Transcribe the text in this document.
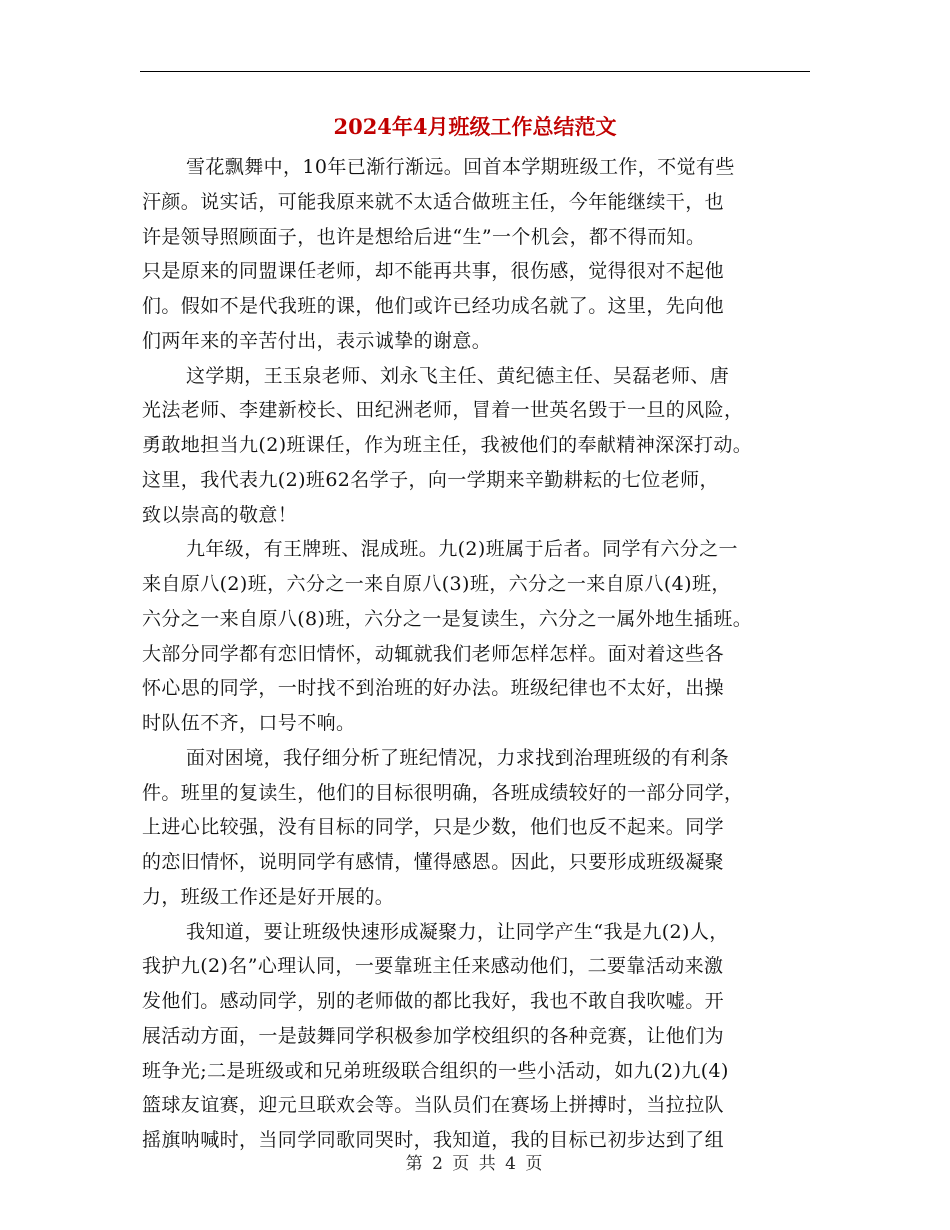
2024年4月班级工作总结范文

雪花飘舞中，10年已渐行渐远。回首本学期班级工作，不觉有些
汗颜。说实话，可能我原来就不太适合做班主任，今年能继续干，也
许是领导照顾面子，也许是想给后进“生”一个机会，都不得而知。
只是原来的同盟课任老师，却不能再共事，很伤感，觉得很对不起他
们。假如不是代我班的课，他们或许已经功成名就了。这里，先向他
们两年来的辛苦付出，表示诚挚的谢意。

这学期，王玉泉老师、刘永飞主任、黄纪德主任、吴磊老师、唐
光法老师、李建新校长、田纪洲老师，冒着一世英名毁于一旦的风险，
勇敢地担当九(2)班课任，作为班主任，我被他们的奉献精神深深打动。
这里，我代表九(2)班62名学子，向一学期来辛勤耕耘的七位老师，
致以崇高的敬意！

九年级，有王牌班、混成班。九(2)班属于后者。同学有六分之一
来自原八(2)班，六分之一来自原八(3)班，六分之一来自原八(4)班，
六分之一来自原八(8)班，六分之一是复读生，六分之一属外地生插班。
大部分同学都有恋旧情怀，动辄就我们老师怎样怎样。面对着这些各
怀心思的同学，一时找不到治班的好办法。班级纪律也不太好，出操
时队伍不齐，口号不响。

面对困境，我仔细分析了班纪情况，力求找到治理班级的有利条
件。班里的复读生，他们的目标很明确，各班成绩较好的一部分同学，
上进心比较强，没有目标的同学，只是少数，他们也反不起来。同学
的恋旧情怀，说明同学有感情，懂得感恩。因此，只要形成班级凝聚
力，班级工作还是好开展的。

我知道，要让班级快速形成凝聚力，让同学产生“我是九(2)人，
我护九(2)名”心理认同，一要靠班主任来感动他们，二要靠活动来激
发他们。感动同学，别的老师做的都比我好，我也不敢自我吹嘘。开
展活动方面，一是鼓舞同学积极参加学校组织的各种竞赛，让他们为
班争光;二是班级或和兄弟班级联合组织的一些小活动，如九(2)九(4)
篮球友谊赛，迎元旦联欢会等。当队员们在赛场上拼搏时，当拉拉队
摇旗呐喊时，当同学同歌同哭时，我知道，我的目标已初步达到了组

第 2 页 共 4 页
